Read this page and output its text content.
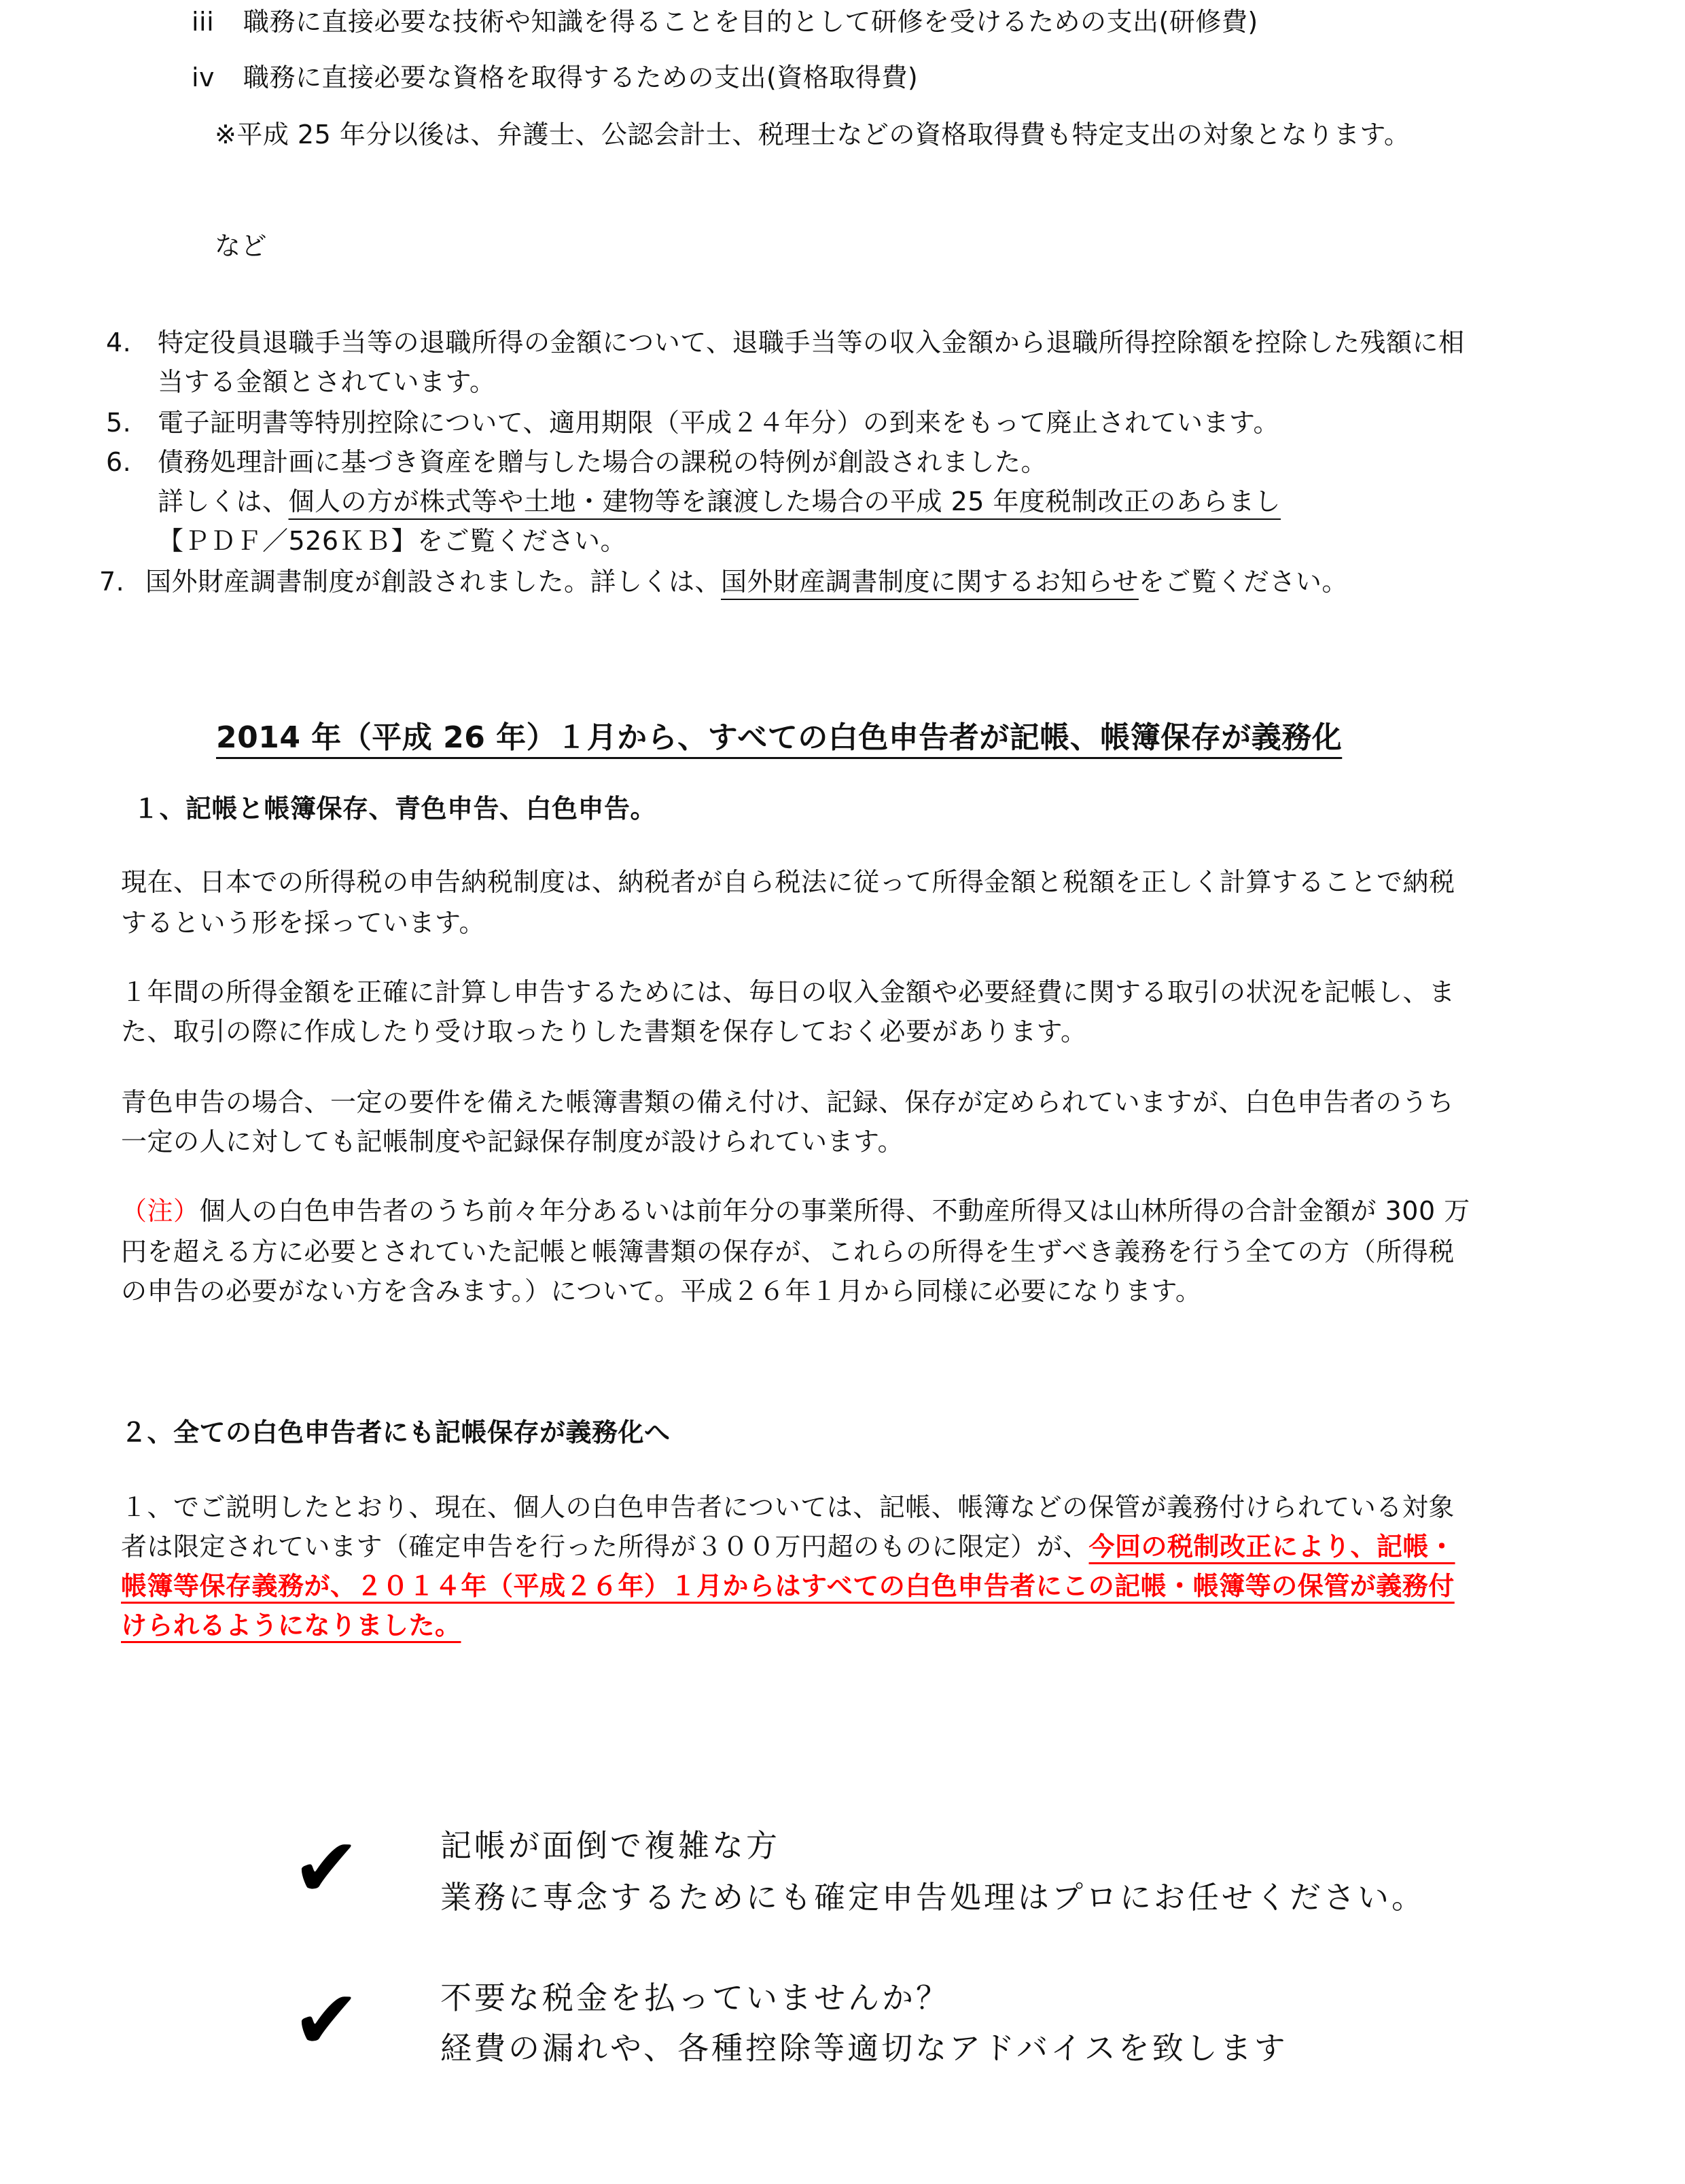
iii 職務に直接必要な技術や知識を得ることを目的として研修を受けるための支出(研修費)
iv 職務に直接必要な資格を取得するための支出(資格取得費)
※平成 25 年分以後は、弁護士、公認会計士、税理士などの資格取得費も特定支出の対象となります。
など
4. 特定役員退職手当等の退職所得の金額について、退職手当等の収入金額から退職所得控除額を控除した残額に相
当する金額とされています。
5. 電子証明書等特別控除について、適用期限（平成２４年分）の到来をもって廃止されています。
6. 債務処理計画に基づき資産を贈与した場合の課税の特例が創設されました。
詳しくは、個人の方が株式等や土地・建物等を譲渡した場合の平成 25 年度税制改正のあらまし
【ＰＤＦ／526ＫＢ】をご覧ください。
7. 国外財産調書制度が創設されました。詳しくは、国外財産調書制度に関するお知らせをご覧ください。
2014 年（平成 26 年）１月から、すべての白色申告者が記帳、帳簿保存が義務化
１、記帳と帳簿保存、青色申告、白色申告。
現在、日本での所得税の申告納税制度は、納税者が自ら税法に従って所得金額と税額を正しく計算することで納税
するという形を採っています。
１年間の所得金額を正確に計算し申告するためには、毎日の収入金額や必要経費に関する取引の状況を記帳し、ま
た、取引の際に作成したり受け取ったりした書類を保存しておく必要があります。
青色申告の場合、一定の要件を備えた帳簿書類の備え付け、記録、保存が定められていますが、白色申告者のうち
一定の人に対しても記帳制度や記録保存制度が設けられています。
（注）個人の白色申告者のうち前々年分あるいは前年分の事業所得、不動産所得又は山林所得の合計金額が 300 万
円を超える方に必要とされていた記帳と帳簿書類の保存が、これらの所得を生ずべき義務を行う全ての方（所得税
の申告の必要がない方を含みます。）について。平成２６年１月から同様に必要になります。
２、全ての白色申告者にも記帳保存が義務化へ
１、でご説明したとおり、現在、個人の白色申告者については、記帳、帳簿などの保管が義務付けられている対象
者は限定されています（確定申告を行った所得が３００万円超のものに限定）が、今回の税制改正により、記帳・
帳簿等保存義務が、２０１４年（平成２６年）１月からはすべての白色申告者にこの記帳・帳簿等の保管が義務付
けられるようになりました。
✔	記帳が面倒で複雑な方
業務に専念するためにも確定申告処理はプロにお任せください。
✔	不要な税金を払っていませんか？
経費の漏れや、各種控除等適切なアドバイスを致します
